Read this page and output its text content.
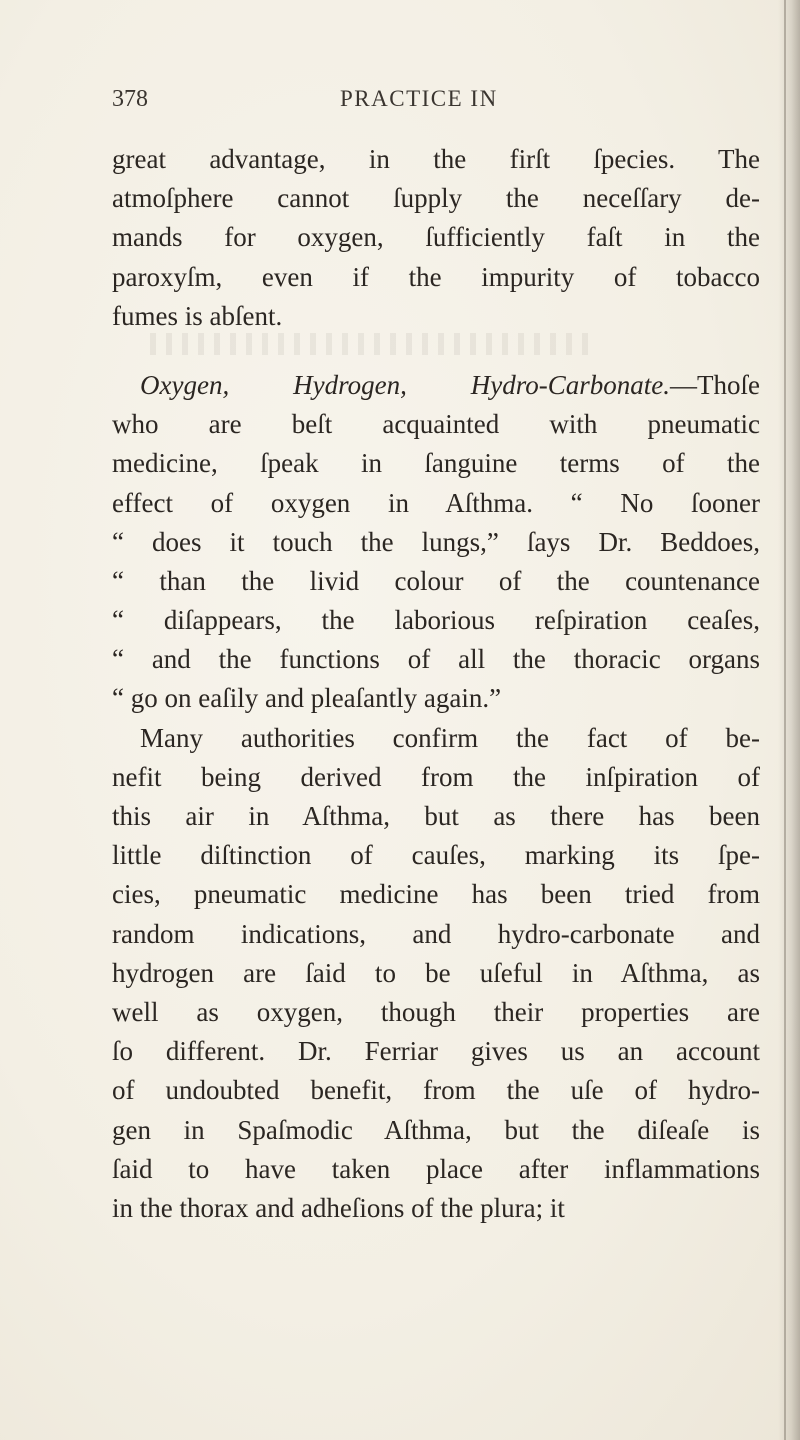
378	PRACTICE IN
great advantage, in the firſt ſpecies. The
atmoſphere cannot ſupply the neceſſary de-
mands for oxygen, ſufficiently faſt in the
paroxyſm, even if the impurity of tobacco
fumes is abſent.
Oxygen, Hydrogen, Hydro-Carbonate.—Thoſe
who are beſt acquainted with pneumatic
medicine, ſpeak in ſanguine terms of the
effect of oxygen in Aſthma. “ No ſooner
“ does it touch the lungs,” ſays Dr. Beddoes,
“ than the livid colour of the countenance
“ diſappears, the laborious reſpiration ceaſes,
“ and the functions of all the thoracic organs
“ go on eaſily and pleaſantly again.”
Many authorities confirm the fact of be-
nefit being derived from the inſpiration of
this air in Aſthma, but as there has been
little diſtinction of cauſes, marking its ſpe-
cies, pneumatic medicine has been tried from
random indications, and hydro-carbonate and
hydrogen are ſaid to be uſeful in Aſthma, as
well as oxygen, though their properties are
ſo different. Dr. Ferriar gives us an account
of undoubted benefit, from the uſe of hydro-
gen in Spaſmodic Aſthma, but the diſeaſe is
ſaid to have taken place after inflammations
in the thorax and adheſions of the plura; it
